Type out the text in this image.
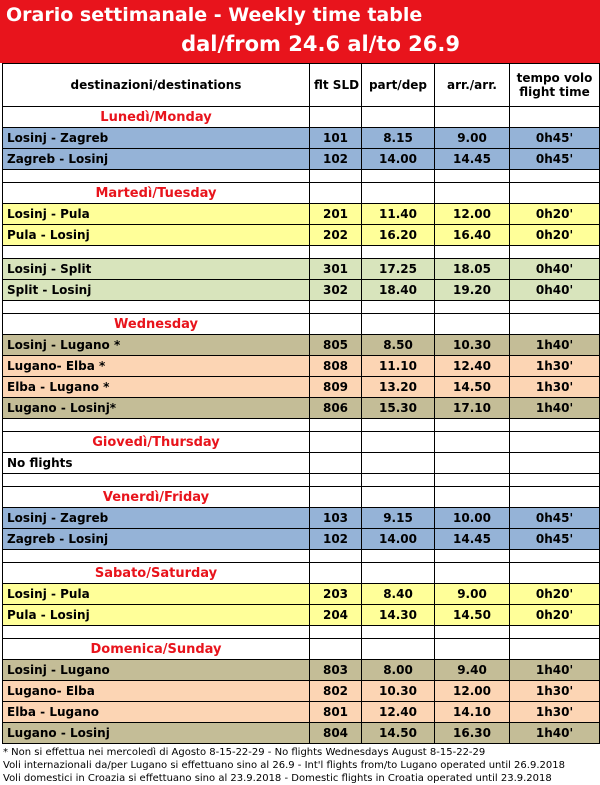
Orario settimanale - Weekly time table
dal/from 24.6 al/to 26.9
destinazioni/destinations	flt SLD	part/dep	arr./arr.	tempo volo
flight time
Lunedì/Monday				
Losinj - Zagreb	101	8.15	9.00	0h45'
Zagreb - Losinj	102	14.00	14.45	0h45'

Martedì/Tuesday				
Losinj - Pula	201	11.40	12.00	0h20'
Pula - Losinj	202	16.20	16.40	0h20'

Losinj - Split	301	17.25	18.05	0h40'
Split - Losinj	302	18.40	19.20	0h40'

Wednesday				
Losinj - Lugano *	805	8.50	10.30	1h40'
Lugano- Elba *	808	11.10	12.40	1h30'
Elba - Lugano *	809	13.20	14.50	1h30'
Lugano - Losinj*	806	15.30	17.10	1h40'

Giovedì/Thursday				
No flights				

Venerdì/Friday				
Losinj - Zagreb	103	9.15	10.00	0h45'
Zagreb - Losinj	102	14.00	14.45	0h45'

Sabato/Saturday				
Losinj - Pula	203	8.40	9.00	0h20'
Pula - Losinj	204	14.30	14.50	0h20'

Domenica/Sunday				
Losinj - Lugano	803	8.00	9.40	1h40'
Lugano- Elba	802	10.30	12.00	1h30'
Elba - Lugano	801	12.40	14.10	1h30'
Lugano - Losinj	804	14.50	16.30	1h40'
* Non si effettua nei mercoledì di Agosto 8-15-22-29 - No flights Wednesdays August 8-15-22-29
Voli internazionali da/per Lugano si effettuano sino al 26.9 - Int'l flights from/to Lugano operated until 26.9.2018
Voli domestici in Croazia si effettuano sino al 23.9.2018 - Domestic flights in Croatia operated until 23.9.2018
